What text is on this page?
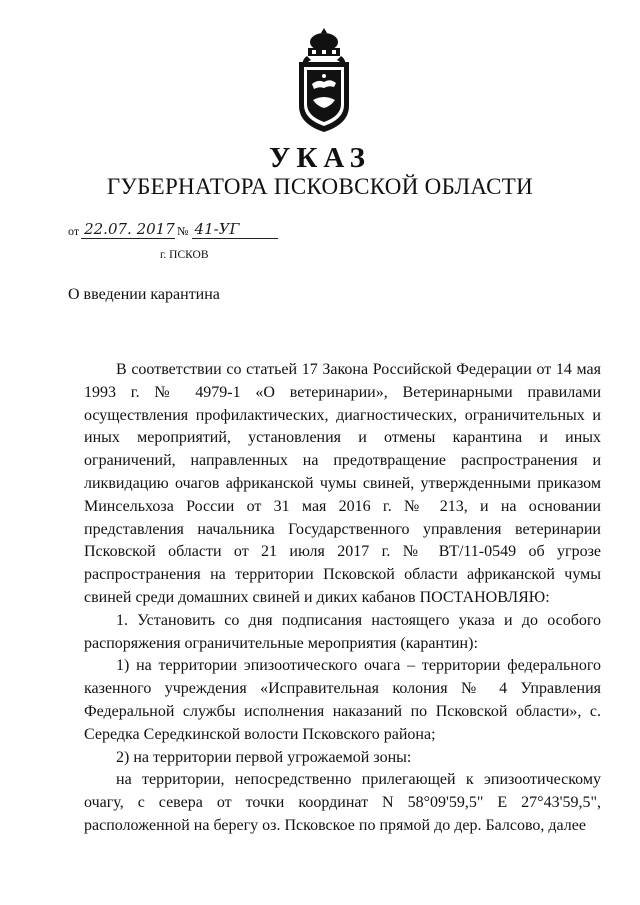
УКАЗ
ГУБЕРНАТОРА ПСКОВСКОЙ ОБЛАСТИ
от 22.07. 2017 № 41-УГ
г. ПСКОВ
О введении карантина

В соответствии со статьей 17 Закона Российской Федерации от 14 мая 1993 г. № 4979-1 «О ветеринарии», Ветеринарными правилами осуществления профилактических, диагностических, ограничительных и иных мероприятий, установления и отмены карантина и иных ограничений, направленных на предотвращение распространения и ликвидацию очагов африканской чумы свиней, утвержденными приказом Минсельхоза России от 31 мая 2016 г. № 213, и на основании представления начальника Государственного управления ветеринарии Псковской области от 21 июля 2017 г. № ВТ/11-0549 об угрозе распространения на территории Псковской области африканской чумы свиней среди домашних свиней и диких кабанов ПОСТАНОВЛЯЮ:

1. Установить со дня подписания настоящего указа и до особого распоряжения ограничительные мероприятия (карантин):

1) на территории эпизоотического очага – территории федерального казенного учреждения «Исправительная колония № 4 Управления Федеральной службы исполнения наказаний по Псковской области», с. Середка Середкинской волости Псковского района;

2) на территории первой угрожаемой зоны:

на территории, непосредственно прилегающей к эпизоотическому очагу, с севера от точки координат N 58°09'59,5" E 27°43'59,5", расположенной на берегу оз. Псковское по прямой до дер. Балсово, далее
